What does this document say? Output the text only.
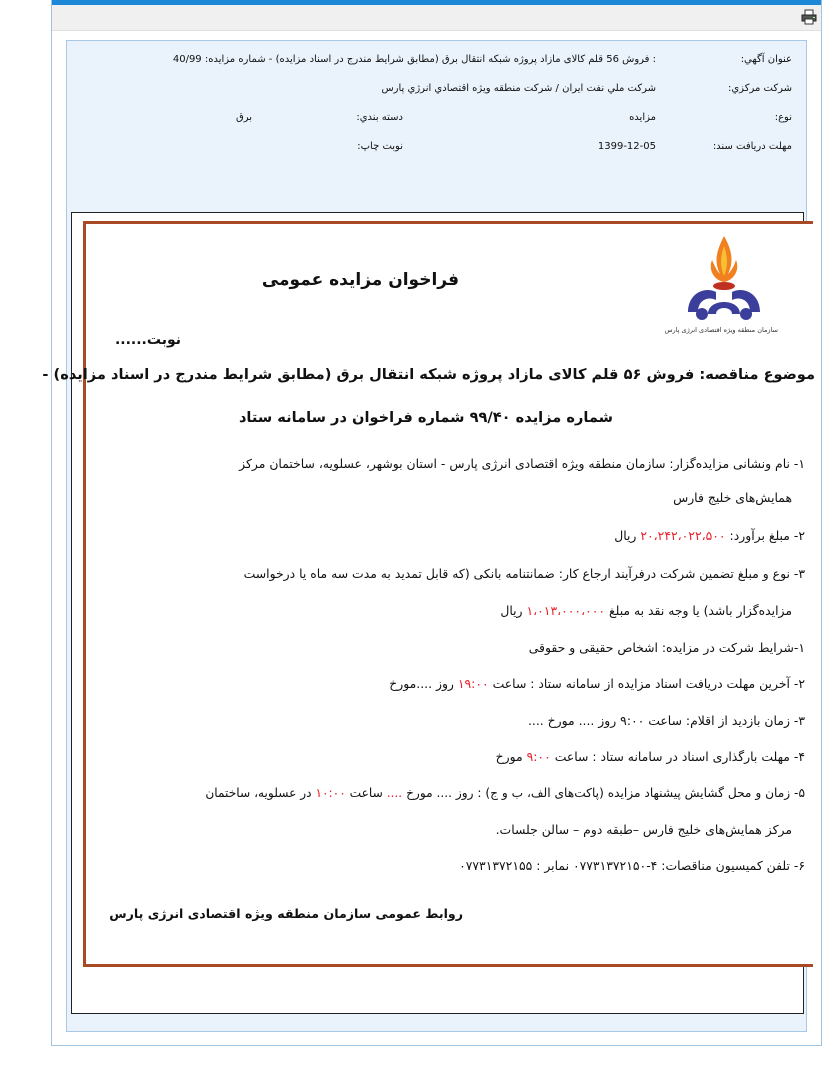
عنوان آگهي:
: فروش 56 قلم كالای مازاد پروژه شبكه انتقال برق (مطابق شرایط مندرج در اسناد مزایده) - شماره مزایده: 40/99
شرکت مرکزي:
شركت ملي نفت ايران / شركت منطقه ويژه اقتصادي انرژي پارس
نوع:
مزايده
دسته بندي:
برق
مهلت دريافت سند:
1399-12-05
نوبت چاپ:
سازمان منطقه ویژه اقتصادی انرژی پارس
فراخوان مزایده عمومی
نوبت......
موضوع مناقصه: فروش ۵۶ قلم کالای مازاد پروژه شبکه انتقال برق (مطابق شرایط مندرج در اسناد مزایده) -
شماره مزایده ۹۹/۴۰ شماره فراخوان در سامانه ستاد
۱- نام ونشانی مزایده‌گزار: سازمان منطقه ویژه اقتصادی انرژی پارس - استان بوشهر، عسلویه، ساختمان مرکز
همایش‌های خلیج فارس
۲- مبلغ برآورد: ۲۰،۲۴۲،۰۲۲،۵۰۰ ریال
۳- نوع و مبلغ تضمین شرکت درفرآیند ارجاع کار: ضمانتنامه بانکی (که قابل تمدید به مدت سه ماه یا درخواست
مزایده‌گزار باشد) یا وجه نقد به مبلغ ۱،۰۱۳،۰۰۰،۰۰۰ ریال
۱-شرایط شرکت در مزایده: اشخاص حقیقی و حقوقی
۲- آخرین مهلت دریافت اسناد مزایده از سامانه ستاد : ساعت ۱۹:۰۰ روز ....مورخ
۳- زمان بازدید از اقلام: ساعت ۹:۰۰ روز .... مورخ ....
۴- مهلت بارگذاری اسناد در سامانه ستاد : ساعت ۹:۰۰ مورخ
۵- زمان و محل گشایش پیشنهاد مزایده (پاکت‌های الف، ب و ج) : روز .... مورخ .... ساعت ۱۰:۰۰ در عسلویه، ساختمان
مرکز همایش‌های خلیج فارس –طبقه دوم – سالن جلسات.
۶- تلفن کمیسیون مناقصات: ۴-۰۷۷۳۱۳۷۲۱۵۰ نمابر : ۰۷۷۳۱۳۷۲۱۵۵
روابط عمومی سازمان منطقه ویژه اقتصادی انرژی پارس
